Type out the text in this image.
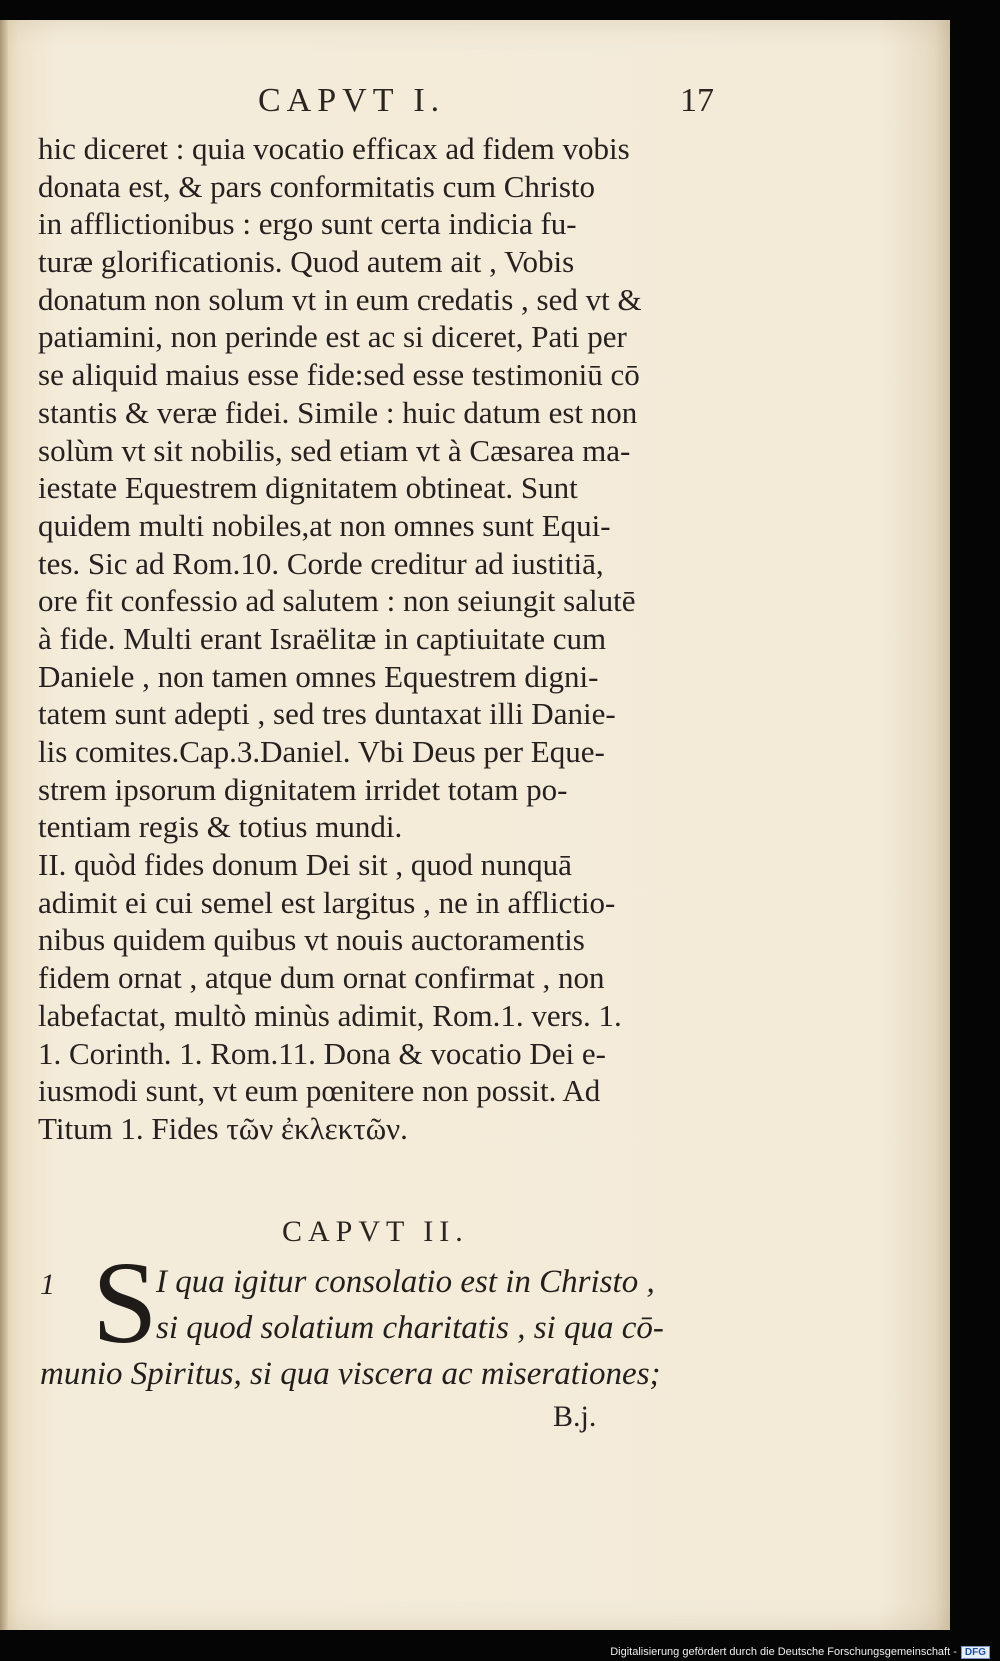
CAPVT I.	17
hic diceret : quia vocatio efficax ad fidem vobis
donata est, & pars conformitatis cum Christo
in afflictionibus : ergo sunt certa indicia fu-
turæ glorificationis. Quod autem ait , Vobis
donatum non solum vt in eum credatis , sed vt &
patiamini, non perinde est ac si diceret, Pati per
se aliquid maius esse fide:sed esse testimoniū cō
stantis & veræ fidei. Simile : huic datum est non
solùm vt sit nobilis, sed etiam vt à Cæsarea ma-
iestate Equestrem dignitatem obtineat. Sunt
quidem multi nobiles,at non omnes sunt Equi-
tes. Sic ad Rom.10. Corde creditur ad iustitiā,
ore fit confessio ad salutem : non seiungit salutē
à fide. Multi erant Israëlitæ in captiuitate cum
Daniele , non tamen omnes Equestrem digni-
tatem sunt adepti , sed tres duntaxat illi Danie-
lis comites.Cap.3.Daniel. Vbi Deus per Eque-
strem ipsorum dignitatem irridet totam po-
tentiam regis & totius mundi.
II. quòd fides donum Dei sit , quod nunquā
adimit ei cui semel est largitus , ne in afflictio-
nibus quidem quibus vt nouis auctoramentis
fidem ornat , atque dum ornat confirmat , non
labefactat, multò minùs adimit, Rom.1. vers. 1.
1. Corinth. 1. Rom.11. Dona & vocatio Dei e-
iusmodi sunt, vt eum pœnitere non possit. Ad
Titum 1. Fides τῶν ἐκλεκτῶν.
CAPVT II.
1 S
I qua igitur consolatio est in Christo ,
si quod solatium charitatis , si qua cō-
munio Spiritus, si qua viscera ac miserationes;
B.j.
Digitalisierung gefördert durch die Deutsche Forschungsgemeinschaft - DFG
